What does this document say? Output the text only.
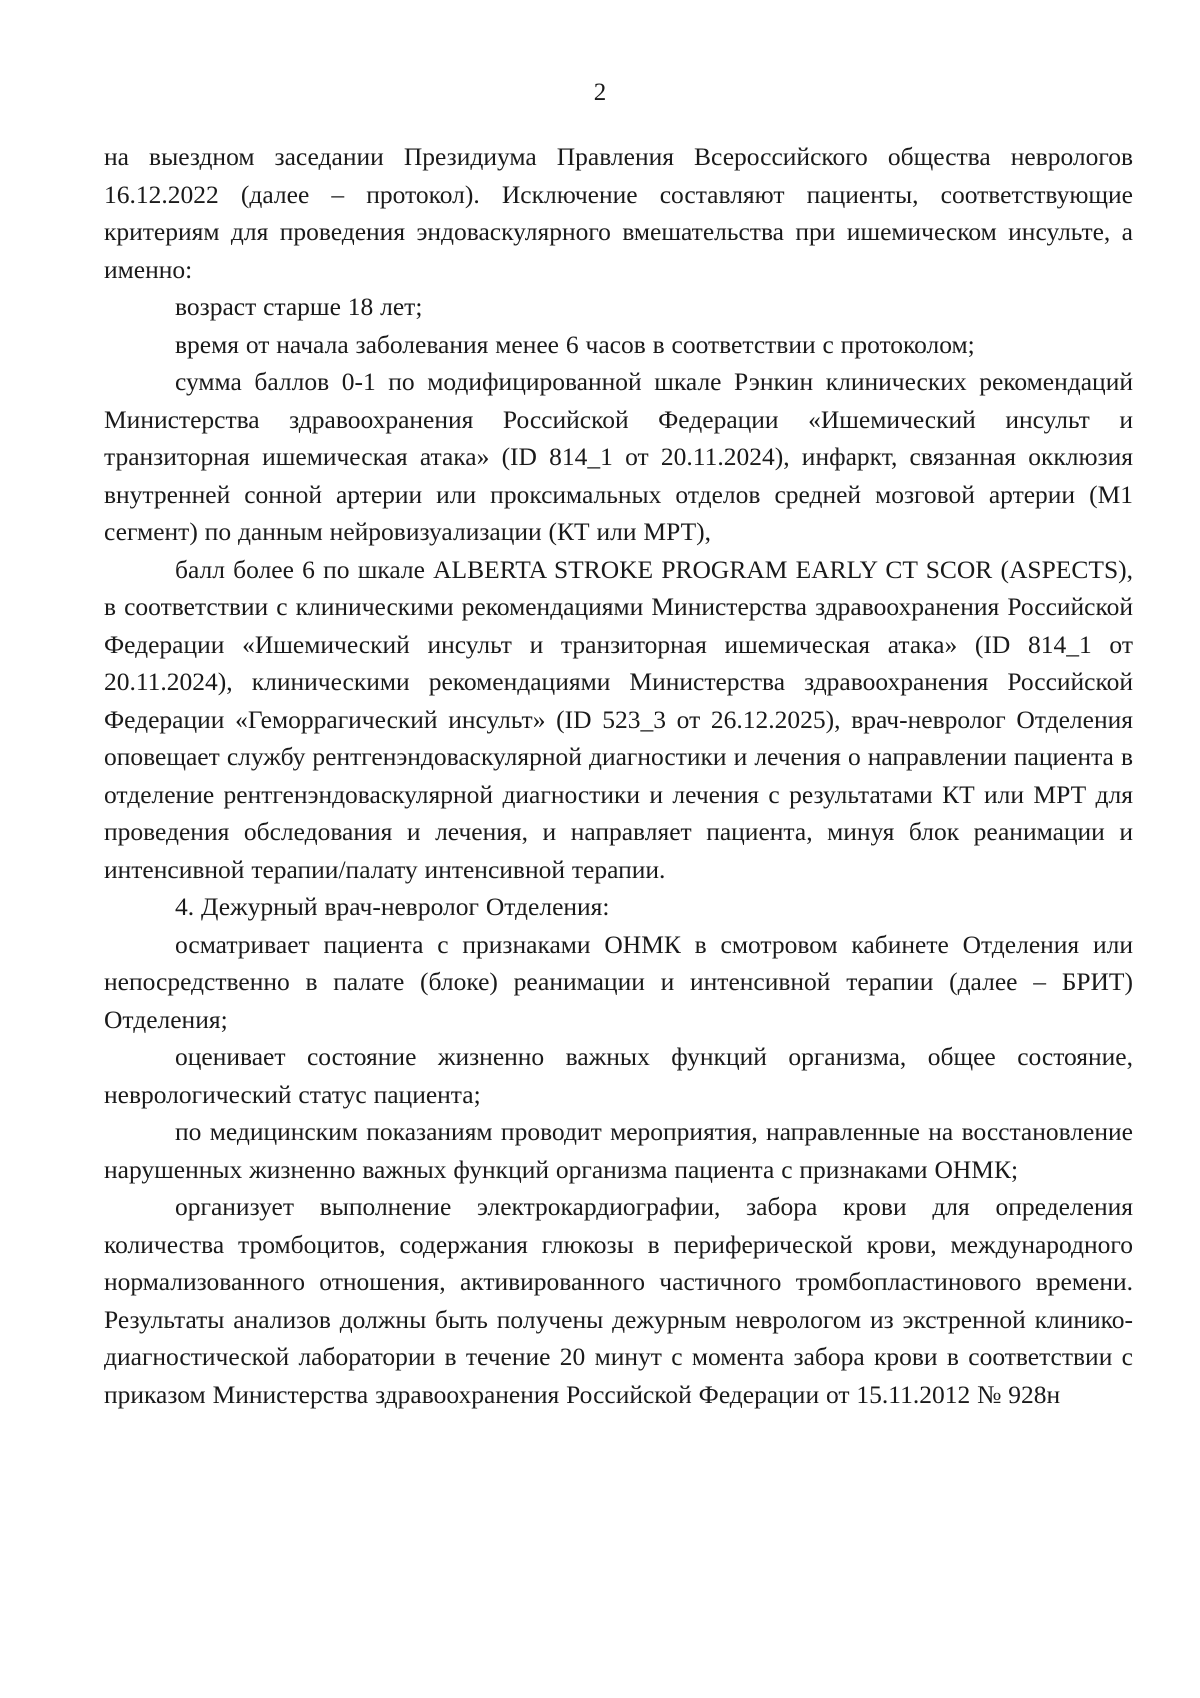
2

на выездном заседании Президиума Правления Всероссийского общества неврологов 16.12.2022 (далее – протокол). Исключение составляют пациенты, соответствующие критериям для проведения эндоваскулярного вмешательства при ишемическом инсульте, а именно:

возраст старше 18 лет;

время от начала заболевания менее 6 часов в соответствии с протоколом;

сумма баллов 0-1 по модифицированной шкале Рэнкин клинических рекомендаций Министерства здравоохранения Российской Федерации «Ишемический инсульт и транзиторная ишемическая атака» (ID 814_1 от 20.11.2024), инфаркт, связанная окклюзия внутренней сонной артерии или проксимальных отделов средней мозговой артерии (М1 сегмент) по данным нейровизуализации (КТ или МРТ),

балл более 6 по шкале ALBERTA STROKE PROGRAM EARLY CT SCOR (ASPECTS), в соответствии с клиническими рекомендациями Министерства здравоохранения Российской Федерации «Ишемический инсульт и транзиторная ишемическая атака» (ID 814_1 от 20.11.2024), клиническими рекомендациями Министерства здравоохранения Российской Федерации «Геморрагический инсульт» (ID 523_3 от 26.12.2025), врач-невролог Отделения оповещает службу рентгенэндоваскулярной диагностики и лечения о направлении пациента в отделение рентгенэндоваскулярной диагностики и лечения с результатами КТ или МРТ для проведения обследования и лечения, и направляет пациента, минуя блок реанимации и интенсивной терапии/палату интенсивной терапии.

4. Дежурный врач-невролог Отделения:

осматривает пациента с признаками ОНМК в смотровом кабинете Отделения или непосредственно в палате (блоке) реанимации и интенсивной терапии (далее – БРИТ) Отделения;

оценивает состояние жизненно важных функций организма, общее состояние, неврологический статус пациента;

по медицинским показаниям проводит мероприятия, направленные на восстановление нарушенных жизненно важных функций организма пациента с признаками ОНМК;

организует выполнение электрокардиографии, забора крови для определения количества тромбоцитов, содержания глюкозы в периферической крови, международного нормализованного отношения, активированного частичного тромбопластинового времени. Результаты анализов должны быть получены дежурным неврологом из экстренной клинико-диагностической лаборатории в течение 20 минут с момента забора крови в соответствии с приказом Министерства здравоохранения Российской Федерации от 15.11.2012 № 928н
